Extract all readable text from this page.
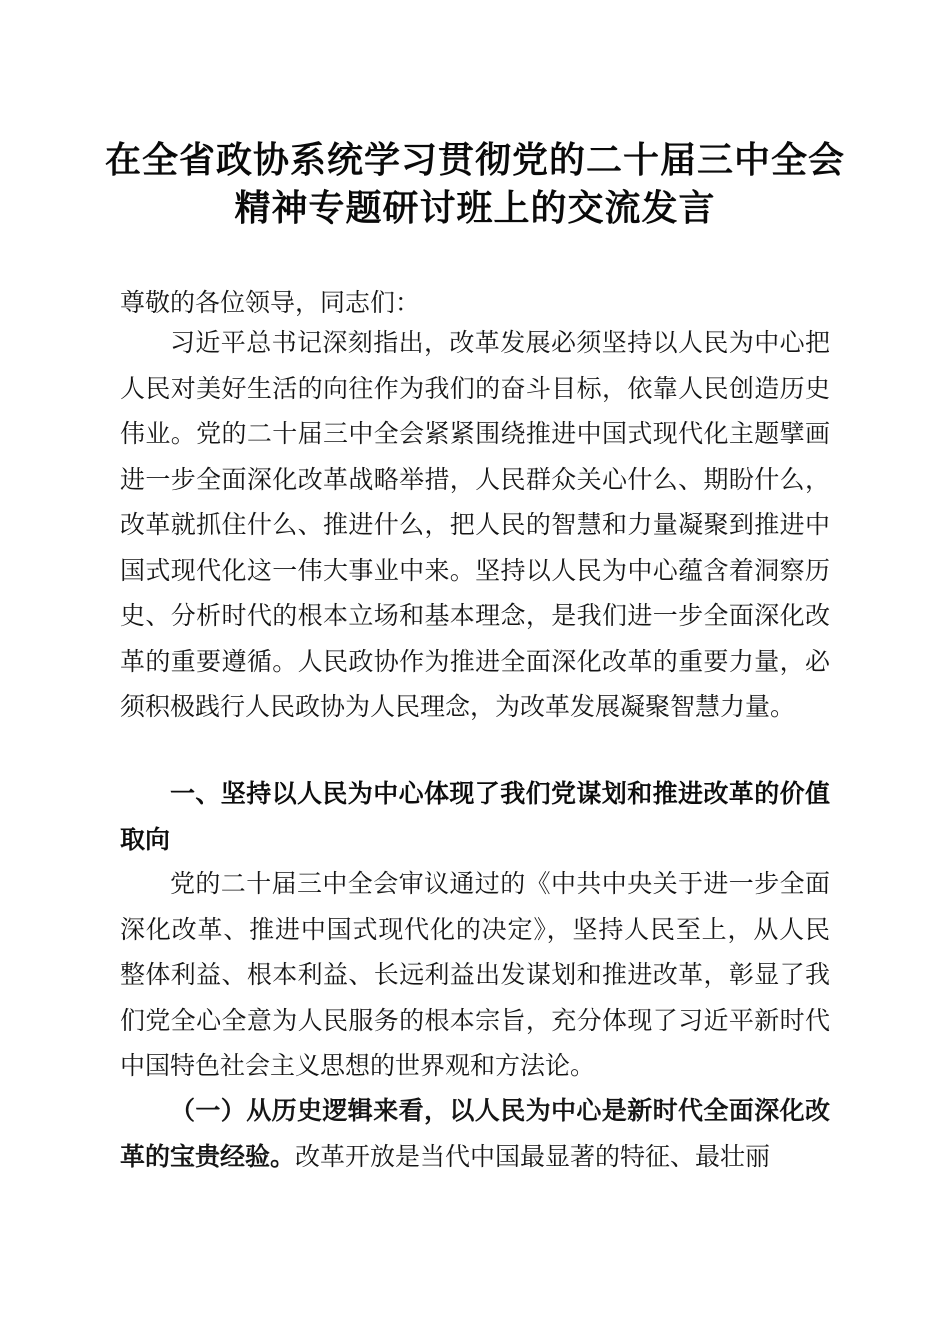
在全省政协系统学习贯彻党的二十届三中全会
精神专题研讨班上的交流发言
尊敬的各位领导，同志们：
习近平总书记深刻指出，改革发展必须坚持以人民为中心把人民对美好生活的向往作为我们的奋斗目标，依靠人民创造历史伟业。党的二十届三中全会紧紧围绕推进中国式现代化主题擘画进一步全面深化改革战略举措，人民群众关心什么、期盼什么，改革就抓住什么、推进什么，把人民的智慧和力量凝聚到推进中国式现代化这一伟大事业中来。坚持以人民为中心蕴含着洞察历史、分析时代的根本立场和基本理念，是我们进一步全面深化改革的重要遵循。人民政协作为推进全面深化改革的重要力量，必须积极践行人民政协为人民理念，为改革发展凝聚智慧力量。
一、坚持以人民为中心体现了我们党谋划和推进改革的价值取向
党的二十届三中全会审议通过的《中共中央关于进一步全面深化改革、推进中国式现代化的决定》，坚持人民至上，从人民整体利益、根本利益、长远利益出发谋划和推进改革，彰显了我们党全心全意为人民服务的根本宗旨，充分体现了习近平新时代中国特色社会主义思想的世界观和方法论。
（一）从历史逻辑来看，以人民为中心是新时代全面深化改革的宝贵经验。改革开放是当代中国最显著的特征、最壮丽
